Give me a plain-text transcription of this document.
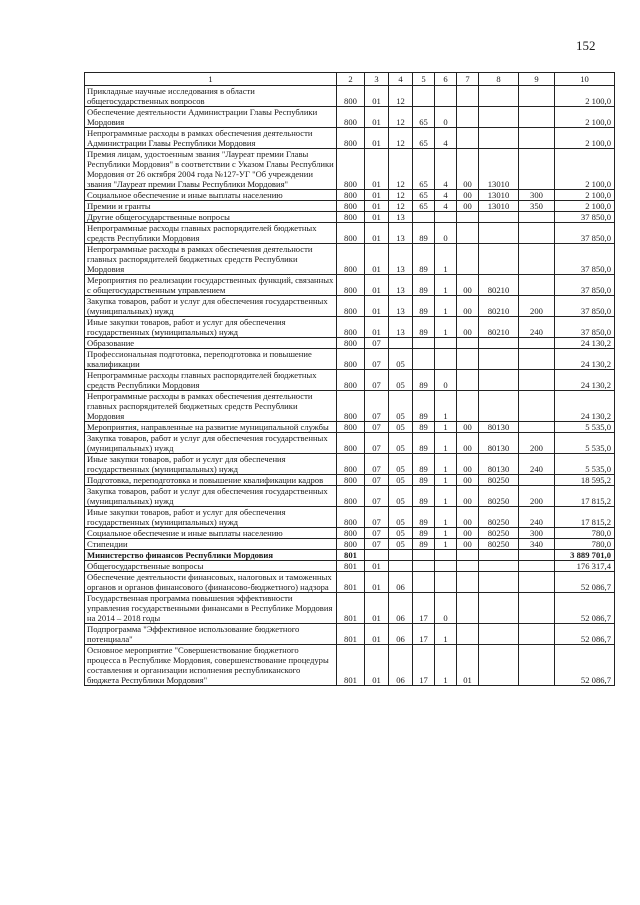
152
1	2	3	4	5	6	7	8	9	10
Прикладные научные исследования в области общегосударственных вопросов	800	01	12						2 100,0
Обеспечение деятельности Администрации Главы Республики Мордовия	800	01	12	65	0				2 100,0
Непрограммные расходы в рамках обеспечения деятельности Администрации Главы Республики Мордовия	800	01	12	65	4				2 100,0
Премия лицам, удостоенным звания "Лауреат премии Главы Республики Мордовия" в соответствии с Указом Главы Республики Мордовия от 26 октября 2004 года №127-УГ "Об учреждении звания "Лауреат премии Главы Республики Мордовия"	800	01	12	65	4	00	13010		2 100,0
Социальное обеспечение и иные выплаты населению	800	01	12	65	4	00	13010	300	2 100,0
Премии и гранты	800	01	12	65	4	00	13010	350	2 100,0
Другие общегосударственные вопросы	800	01	13						37 850,0
Непрограммные расходы главных распорядителей бюджетных средств Республики Мордовия	800	01	13	89	0				37 850,0
Непрограммные расходы в рамках обеспечения деятельности главных распорядителей бюджетных средств Республики Мордовия	800	01	13	89	1				37 850,0
Мероприятия по реализации государственных функций, связанных с общегосударственным управлением	800	01	13	89	1	00	80210		37 850,0
Закупка товаров, работ и услуг для обеспечения государственных (муниципальных) нужд	800	01	13	89	1	00	80210	200	37 850,0
Иные закупки товаров, работ и услуг для обеспечения государственных (муниципальных) нужд	800	01	13	89	1	00	80210	240	37 850,0
Образование	800	07							24 130,2
Профессиональная подготовка, переподготовка и повышение квалификации	800	07	05						24 130,2
Непрограммные расходы главных распорядителей бюджетных средств Республики Мордовия	800	07	05	89	0				24 130,2
Непрограммные расходы в рамках обеспечения деятельности главных распорядителей бюджетных средств Республики Мордовия	800	07	05	89	1				24 130,2
Мероприятия, направленные на развитие муниципальной службы	800	07	05	89	1	00	80130		5 535,0
Закупка товаров, работ и услуг для обеспечения государственных (муниципальных) нужд	800	07	05	89	1	00	80130	200	5 535,0
Иные закупки товаров, работ и услуг для обеспечения государственных (муниципальных) нужд	800	07	05	89	1	00	80130	240	5 535,0
Подготовка, переподготовка и повышение квалификации кадров	800	07	05	89	1	00	80250		18 595,2
Закупка товаров, работ и услуг для обеспечения государственных (муниципальных) нужд	800	07	05	89	1	00	80250	200	17 815,2
Иные закупки товаров, работ и услуг для обеспечения государственных (муниципальных) нужд	800	07	05	89	1	00	80250	240	17 815,2
Социальное обеспечение и иные выплаты населению	800	07	05	89	1	00	80250	300	780,0
Стипендии	800	07	05	89	1	00	80250	340	780,0
Министерство финансов Республики Мордовия	801								3 889 701,0
Общегосударственные вопросы	801	01							176 317,4
Обеспечение деятельности финансовых, налоговых и таможенных органов и органов финансового (финансово-бюджетного) надзора	801	01	06						52 086,7
Государственная программа повышения эффективности управления государственными финансами в Республике Мордовия на 2014 – 2018 годы	801	01	06	17	0				52 086,7
Подпрограмма "Эффективное использование бюджетного потенциала"	801	01	06	17	1				52 086,7
Основное мероприятие "Совершенствование бюджетного процесса в Республике Мордовия, совершенствование процедуры составления и организации исполнения республиканского бюджета Республики Мордовия"	801	01	06	17	1	01			52 086,7
